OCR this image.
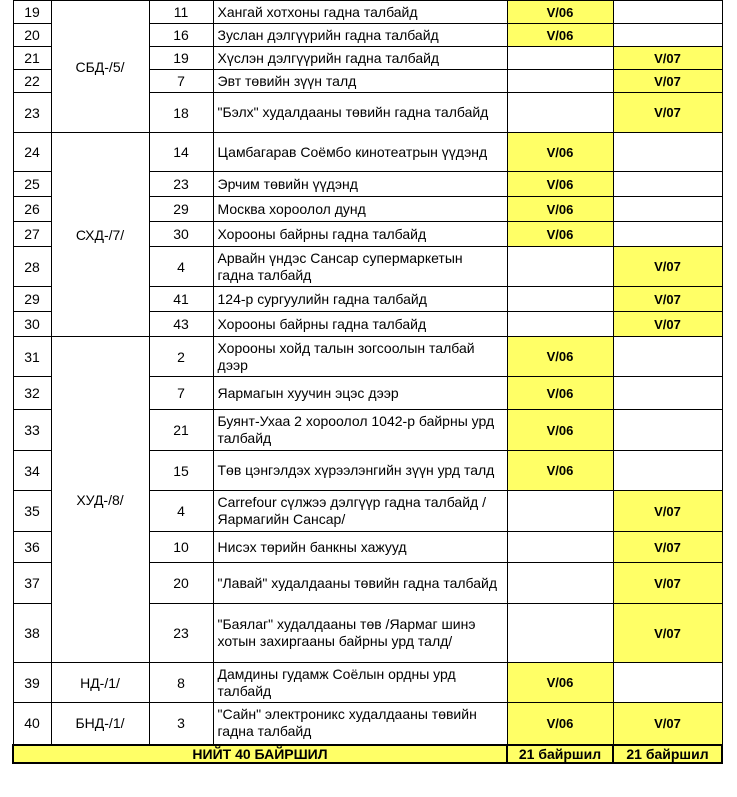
19	СБД-/5/	11	Хангай хотхоны гадна талбайд	V/06	
20		16	Зуслан дэлгүүрийн гадна талбайд	V/06	
21		19	Хүслэн дэлгүүрийн гадна талбайд		V/07
22		7	Эвт төвийн зүүн талд		V/07
23		18	"Бэлх" худалдааны төвийн гадна талбайд		V/07
24	СХД-/7/	14	Цамбагарав Соёмбо кинотеатрын үүдэнд	V/06	
25		23	Эрчим төвийн үүдэнд	V/06	
26		29	Москва хороолол дунд	V/06	
27		30	Хорооны байрны гадна талбайд	V/06	
28		4	Арвайн үндэс Сансар супермаркетын гадна талбайд		V/07
29		41	124-р сургуулийн гадна талбайд		V/07
30		43	Хорооны байрны гадна талбайд		V/07
31	ХУД-/8/	2	Хорооны хойд талын зогсоолын талбай дээр	V/06	
32		7	Яармагын хуучин эцэс дээр	V/06	
33		21	Буянт-Ухаа 2 хороолол 1042-р байрны урд талбайд	V/06	
34		15	Төв цэнгэлдэх хүрээлэнгийн зүүн урд талд	V/06	
35		4	Carrefour сүлжээ дэлгүүр гадна талбайд / Яармагийн Сансар/		V/07
36		10	Нисэх төрийн банкны хажууд		V/07
37		20	"Лавай" худалдааны төвийн гадна талбайд		V/07
38		23	"Баялаг" худалдааны төв /Яармаг шинэ хотын захиргааны байрны урд талд/		V/07
39	НД-/1/	8	Дамдины гудамж Соёлын ордны урд талбайд	V/06	
40	БНД-/1/	3	"Сайн" электроникс худалдааны төвийн гадна талбайд	V/06	V/07
НИЙТ 40 БАЙРШИЛ				21 байршил	21 байршил
